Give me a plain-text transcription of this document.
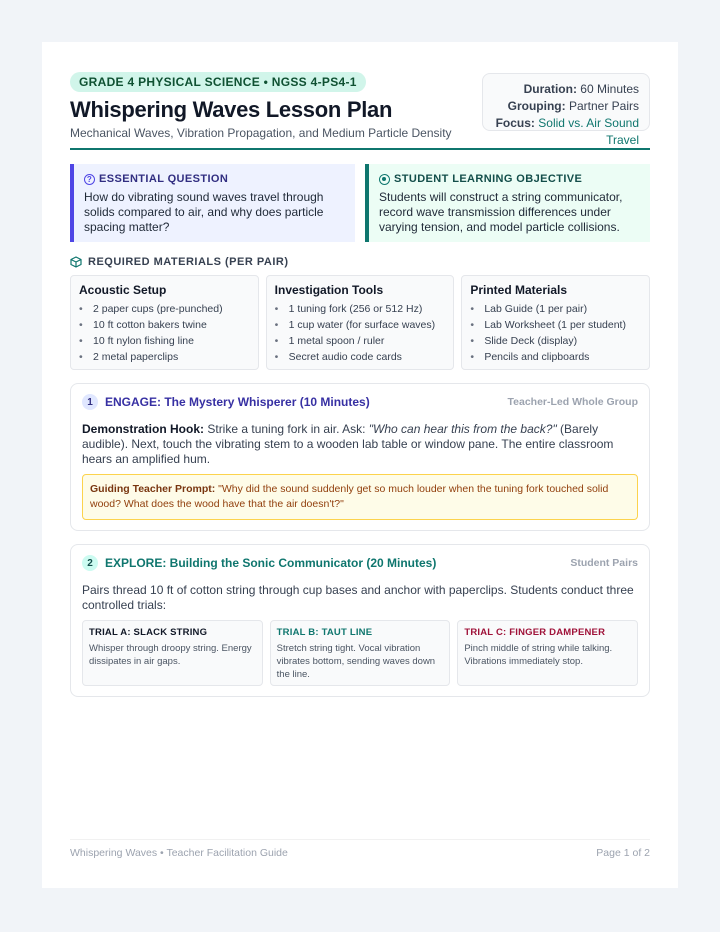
GRADE 4 PHYSICAL SCIENCE • NGSS 4-PS4-1
Whispering Waves Lesson Plan
Mechanical Waves, Vibration Propagation, and Medium Particle Density
Duration: 60 Minutes
Grouping: Partner Pairs
Focus: Solid vs. Air Sound Travel
? ESSENTIAL QUESTION
How do vibrating sound waves travel through solids compared to air, and why does particle spacing matter?
STUDENT LEARNING OBJECTIVE
Students will construct a string communicator, record wave transmission differences under varying tension, and model particle collisions.
REQUIRED MATERIALS (PER PAIR)
Acoustic Setup
• 2 paper cups (pre-punched)
• 10 ft cotton bakers twine
• 10 ft nylon fishing line
• 2 metal paperclips
Investigation Tools
• 1 tuning fork (256 or 512 Hz)
• 1 cup water (for surface waves)
• 1 metal spoon / ruler
• Secret audio code cards
Printed Materials
• Lab Guide (1 per pair)
• Lab Worksheet (1 per student)
• Slide Deck (display)
• Pencils and clipboards
1	ENGAGE: The Mystery Whisperer (10 Minutes)	Teacher-Led Whole Group
Demonstration Hook: Strike a tuning fork in air. Ask: "Who can hear this from the back?" (Barely audible). Next, touch the vibrating stem to a wooden lab table or window pane. The entire classroom hears an amplified hum.
Guiding Teacher Prompt: "Why did the sound suddenly get so much louder when the tuning fork touched solid wood? What does the wood have that the air doesn't?"
2	EXPLORE: Building the Sonic Communicator (20 Minutes)	Student Pairs
Pairs thread 10 ft of cotton string through cup bases and anchor with paperclips. Students conduct three controlled trials:
TRIAL A: SLACK STRING
Whisper through droopy string. Energy dissipates in air gaps.
TRIAL B: TAUT LINE
Stretch string tight. Vocal vibration vibrates bottom, sending waves down the line.
TRIAL C: FINGER DAMPENER
Pinch middle of string while talking. Vibrations immediately stop.
Whispering Waves • Teacher Facilitation Guide	Page 1 of 2
